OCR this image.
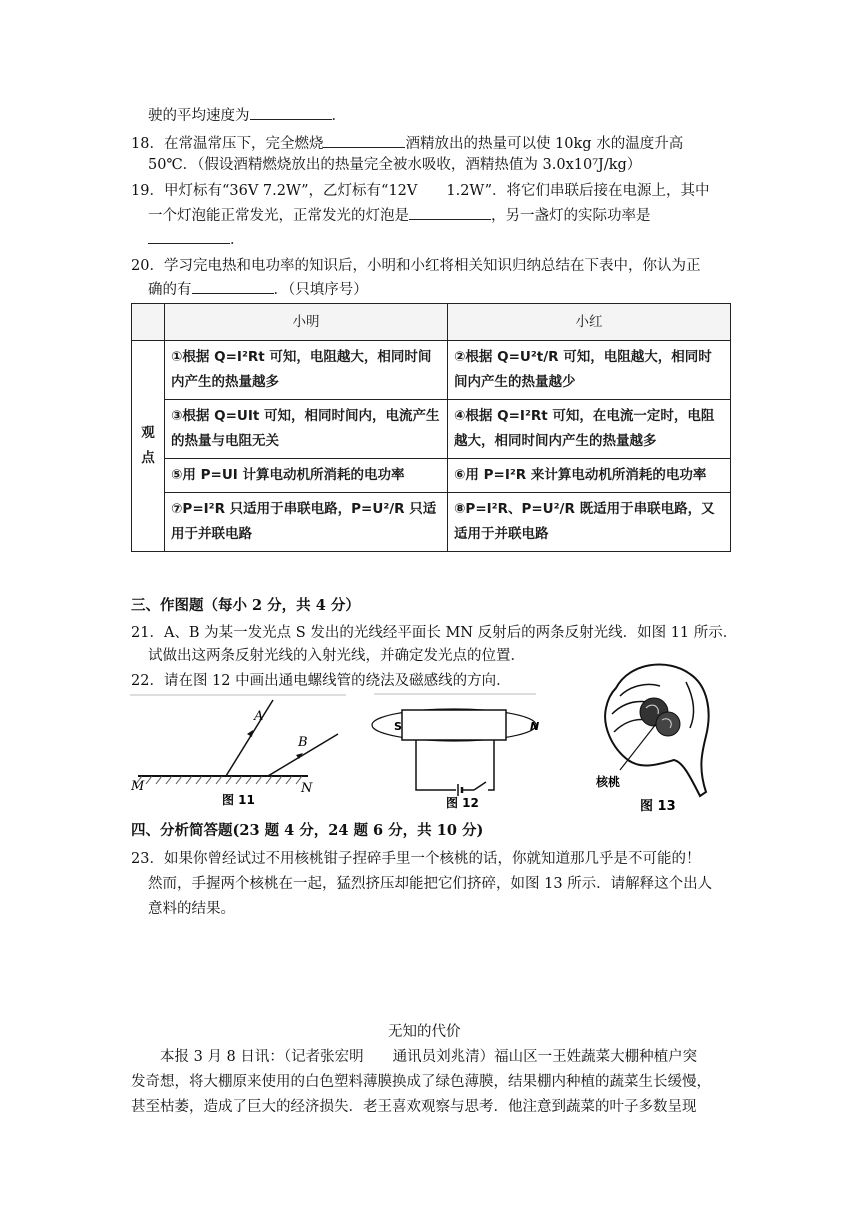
驶的平均速度为	．
18．在常温常压下，完全燃烧	酒精放出的热量可以使 10kg 水的温度升高
50℃．（假设酒精燃烧放出的热量完全被水吸收，酒精热值为 3.0x10⁷J/kg）
19．甲灯标有“36V 7.2W”，乙灯标有“12V　　1.2W”．将它们串联后接在电源上，其中
一个灯泡能正常发光，正常发光的灯泡是	，另一盏灯的实际功率是
．
20．学习完电热和电功率的知识后，小明和小红将相关知识归纳总结在下表中，你认为正
确的有	．（只填序号）
	小明	小红
观点	①根据 Q=I²Rt 可知，电阻越大，相同时间内产生的热量越多	②根据 Q=U²t/R 可知，电阻越大，相同时间内产生的热量越少
	③根据 Q=UIt 可知，相同时间内，电流产生的热量与电阻无关	④根据 Q=I²Rt 可知，在电流一定时，电阻越大，相同时间内产生的热量越多
	⑤用 P=UI 计算电动机所消耗的电功率	⑥用 P=I²R 来计算电动机所消耗的电功率
	⑦P=I²R 只适用于串联电路，P=U²/R 只适用于并联电路	⑧P=I²R、P=U²/R 既适用于串联电路，又适用于并联电路
三、作图题（每小 2 分，共 4 分）
21．A、B 为某一发光点 S 发出的光线经平面长 MN 反射后的两条反射光线．如图 11 所示．
试做出这两条反射光线的入射光线，并确定发光点的位置．
22．请在图 12 中画出通电螺线管的绕法及磁感线的方向．
A
B
M	N
图 11
S	N
图 12
核桃
图 13
四、分析简答题(23 题 4 分，24 题 6 分，共 10 分)
23．如果你曾经试过不用核桃钳子捏碎手里一个核桃的话，你就知道那几乎是不可能的！
然而，手握两个核桃在一起，猛烈挤压却能把它们挤碎，如图 13 所示．请解释这个出人
意料的结果。
无知的代价
本报 3 月 8 日讯：（记者张宏明　　通讯员刘兆清）福山区一王姓蔬菜大棚种植户突
发奇想，将大棚原来使用的白色塑料薄膜换成了绿色薄膜，结果棚内种植的蔬菜生长缓慢，
甚至枯萎，造成了巨大的经济损失．老王喜欢观察与思考．他注意到蔬菜的叶子多数呈现
